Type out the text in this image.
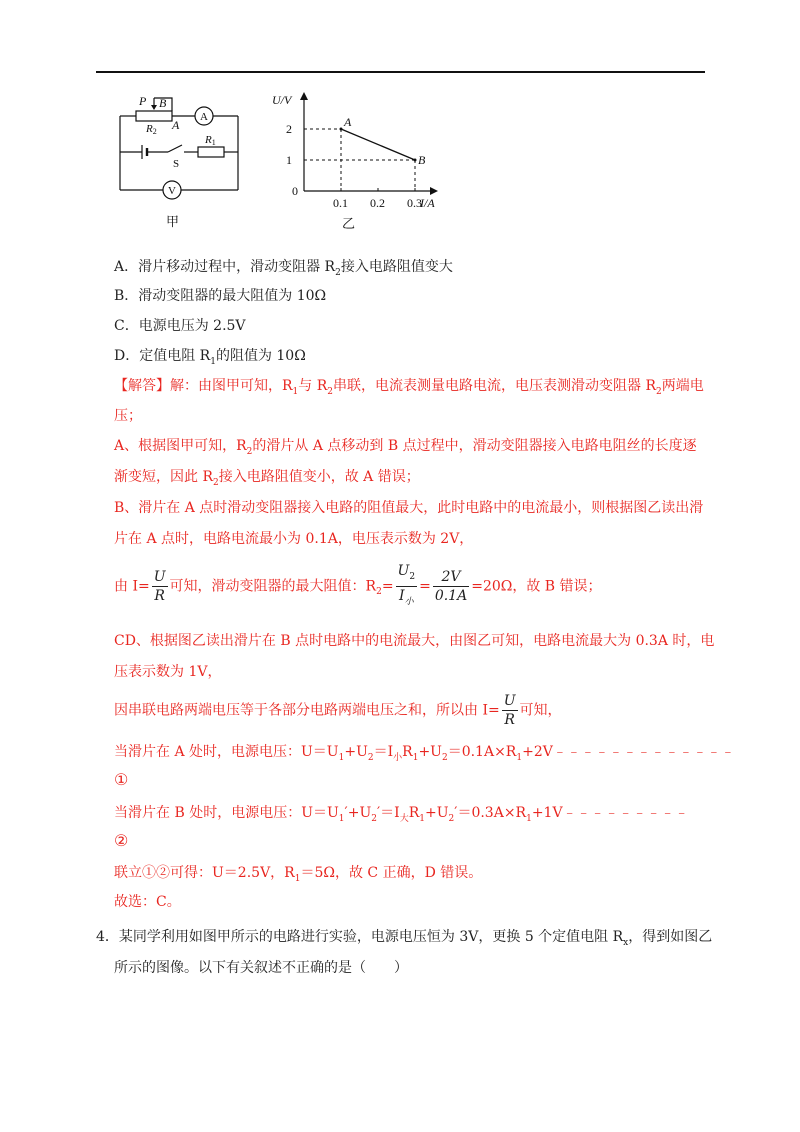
P B
A
R2
A
R1
S
V
甲
A
B
2
1
0.1 0.2 0.3
U/V
I/A
0
乙
A．滑片移动过程中，滑动变阻器 $R_2$接入电路阻值变大
B．滑动变阻器的最大阻值为 10Ω
C．电源电压为 2.5V
D．定值电阻 $R_1$的阻值为 10Ω
【解答】解：由图甲可知，$R_1$与 $R_2$串联，电流表测量电路电流，电压表测滑动变阻器 $R_2$两端电
压；
A、根据图甲可知，$R_2$的滑片从 A 点移动到 B 点过程中，滑动变阻器接入电路电阻丝的长度逐
渐变短，因此 $R_2$接入电路阻值变小，故 A 错误；
B、滑片在 A 点时滑动变阻器接入电路的阻值最大，此时电路中的电流最小，则根据图乙读出滑
片在 A 点时，电路电流最小为 0.1A，电压表示数为 2V，
由 $I= \frac{U}{R}$ 可知，滑动变阻器的最大阻值：$R_2= \frac{U_2}{I_小} = \frac{2V}{0.1A} =20\Omega$，故 B 错误；
CD、根据图乙读出滑片在 B 点时电路中的电流最大，由图乙可知，电路电流最大为 0.3A 时，电
压表示数为 1V，
因串联电路两端电压等于各部分电路两端电压之和，所以由 $I= \frac{U}{R}$ 可知，
当滑片在 A 处时，电源电压：$U=U_1+U_2=I_小R_1+U_2=0.1A\times R_1+2V﹣﹣﹣﹣﹣﹣﹣﹣﹣﹣﹣﹣﹣$
①
当滑片在 B 处时，电源电压：$U=U_1'+U_2'=I_大R_1+U_2'=0.3A\times R_1+1V﹣﹣﹣﹣﹣﹣﹣﹣﹣$
②
联立①②可得：U＝2.5V，$R_1=5\Omega$，故 C 正确，D 错误。
故选：C。
4．某同学利用如图甲所示的电路进行实验，电源电压恒为 3V，更换 5 个定值电阻 $R_x$，得到如图乙
所示的图像。以下有关叙述不正确的是（　　）
